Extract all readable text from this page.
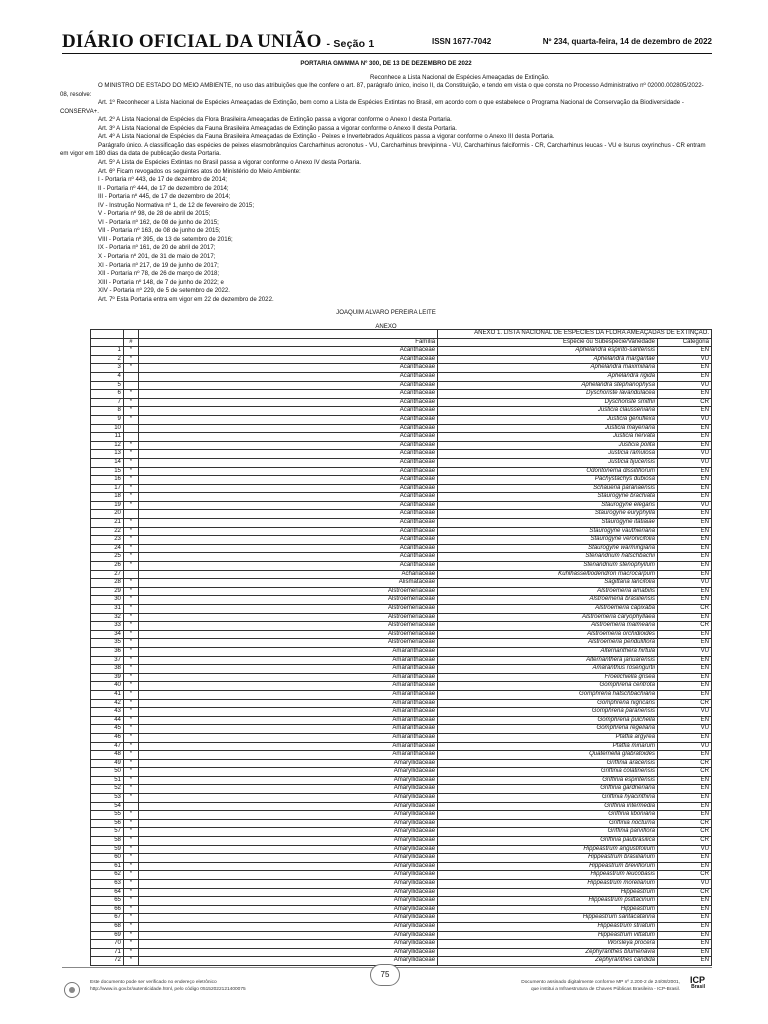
DIÁRIO OFICIAL DA UNIÃO - Seção 1	ISSN 1677-7042	Nº 234, quarta-feira, 14 de dezembro de 2022
PORTARIA GM/MMA Nº 300, DE 13 DE DEZEMBRO DE 2022
Reconhece a Lista Nacional de Espécies Ameaçadas de Extinção.
O MINISTRO DE ESTADO DO MEIO AMBIENTE, no uso das atribuições que lhe confere o art. 87, parágrafo único, inciso II, da Constituição, e tendo em vista o que consta no Processo Administrativo nº 02000.002805/2022-08, resolve:
Art. 1º Reconhecer a Lista Nacional de Espécies Ameaçadas de Extinção, bem como a Lista de Espécies Extintas no Brasil, em acordo com o que estabelece o Programa Nacional de Conservação da Biodiversidade - CONSERVA+.
Art. 2º A Lista Nacional de Espécies da Flora Brasileira Ameaçadas de Extinção passa a vigorar conforme o Anexo I desta Portaria.
Art. 3º A Lista Nacional de Espécies da Fauna Brasileira Ameaçadas de Extinção passa a vigorar conforme o Anexo II desta Portaria.
Art. 4º A Lista Nacional de Espécies da Fauna Brasileira Ameaçadas de Extinção - Peixes e Invertebrados Aquáticos passa a vigorar conforme o Anexo III desta Portaria.
Parágrafo único. A classificação das espécies de peixes elasmobrânquios Carcharhinus acronotus - VU, Carcharhinus brevipinna - VU, Carcharhinus falciformis - CR, Carcharhinus leucas - VU e Isurus oxyrinchus - CR entram em vigor em 180 dias da data de publicação desta Portaria.
Art. 5º A Lista de Espécies Extintas no Brasil passa a vigorar conforme o Anexo IV desta Portaria.
Art. 6º Ficam revogados os seguintes atos do Ministério do Meio Ambiente:
I - Portaria nº 443, de 17 de dezembro de 2014;
II - Portaria nº 444, de 17 de dezembro de 2014;
III - Portaria nº 445, de 17 de dezembro de 2014;
IV - Instrução Normativa nº 1, de 12 de fevereiro de 2015;
V - Portaria nº 98, de 28 de abril de 2015;
VI - Portaria nº 162, de 08 de junho de 2015;
VII - Portaria nº 163, de 08 de junho de 2015;
VIII - Portaria nº 395, de 13 de setembro de 2016;
IX - Portaria nº 161, de 20 de abril de 2017;
X - Portaria nº 201, de 31 de maio de 2017;
XI - Portaria nº 217, de 19 de junho de 2017;
XII - Portaria nº 78, de 26 de março de 2018;
XIII - Portaria nº 148, de 7 de junho de 2022; e
XIV - Portaria nº 229, de 5 de setembro de 2022.
Art. 7º Esta Portaria entra em vigor em 22 de dezembro de 2022.
JOAQUIM ALVARO PEREIRA LEITE
ANEXO
			ANEXO 1. LISTA NACIONAL DE ESPÉCIES DA FLORA AMEAÇADAS DE EXTINÇÃO.	
	#	Família	Espécie ou Subespécie/Variedade	Categoria
1	*	Acanthaceae	Aphelandra espirito-santensis	EN
2	*	Acanthaceae	Aphelandra margaritae	VU
3	*	Acanthaceae	Aphelandra maximiliana	EN
4		Acanthaceae	Aphelandra rigida	EN
5		Acanthaceae	Aphelandra stephanophysa	VU
6	*	Acanthaceae	Dyschoriste lavandulacea	EN
7	*	Acanthaceae	Dyschoriste smithii	CR
8	*	Acanthaceae	Justicia clausseniana	EN
9	*	Acanthaceae	Justicia genuflexa	VU
10		Acanthaceae	Justicia mayeriana	EN
11		Acanthaceae	Justicia nervata	EN
12	*	Acanthaceae	Justicia polita	EN
13	*	Acanthaceae	Justicia ramulosa	VU
14	*	Acanthaceae	Justicia tijucensis	VU
15	*	Acanthaceae	Odontonema dissitiflorum	EN
16	*	Acanthaceae	Pachystachys dubiosa	EN
17	*	Acanthaceae	Schaueria paranaensis	EN
18	*	Acanthaceae	Staurogyne brachiata	EN
19	*	Acanthaceae	Staurogyne elegans	VU
20		Acanthaceae	Staurogyne euryphylla	EN
21	*	Acanthaceae	Staurogyne itatiaiae	EN
22	*	Acanthaceae	Staurogyne vauthieriana	EN
23	*	Acanthaceae	Staurogyne veronicifolia	EN
24	*	Acanthaceae	Staurogyne warmingiana	EN
25	*	Acanthaceae	Stenandrium hatschbachii	EN
26	*	Acanthaceae	Stenandrium stenophyllum	EN
27		Achariaceae	Kuhlhasseltiodendron macrocarpum	EN
28	*	Alismataceae	Sagittaria lancifolia	VU
29	*	Alstroemeriaceae	Alstroemeria amabilis	EN
30	*	Alstroemeriaceae	Alstroemeria brasiliensis	EN
31	*	Alstroemeriaceae	Alstroemeria capixaba	CR
32	*	Alstroemeriaceae	Alstroemeria caryophyllaea	EN
33	*	Alstroemeriaceae	Alstroemeria malmeana	CR
34	*	Alstroemeriaceae	Alstroemeria orchidioides	EN
35	*	Alstroemeriaceae	Alstroemeria penduliflora	EN
36	*	Amaranthaceae	Alternanthera hirtula	VU
37	*	Amaranthaceae	Alternanthera januarensis	EN
38	*	Amaranthaceae	Amaranthus rosengurtii	EN
39	*	Amaranthaceae	Froelichiella grisea	EN
40	*	Amaranthaceae	Gomphrena centrota	EN
41	*	Amaranthaceae	Gomphrena hatschbachiana	EN
42	*	Amaranthaceae	Gomphrena nigricans	CR
43	*	Amaranthaceae	Gomphrena paranensis	VU
44	*	Amaranthaceae	Gomphrena pulchella	EN
45	*	Amaranthaceae	Gomphrena regeliana	VU
46	*	Amaranthaceae	Pfaffia argyrea	EN
47	*	Amaranthaceae	Pfaffia minarum	VU
48	*	Amaranthaceae	Quaternella glabratoides	EN
49	*	Amaryllidaceae	Griffinia aracensis	CR
50	*	Amaryllidaceae	Griffinia colatinensis	CR
51	*	Amaryllidaceae	Griffinia espiritensis	EN
52	*	Amaryllidaceae	Griffinia gardneriana	EN
53	*	Amaryllidaceae	Griffinia hyacinthina	EN
54		Amaryllidaceae	Griffinia intermedia	EN
55	*	Amaryllidaceae	Griffinia liboniana	EN
56	*	Amaryllidaceae	Griffinia nocturna	CR
57	*	Amaryllidaceae	Griffinia parviflora	CR
58	*	Amaryllidaceae	Griffinia paubrasilica	CR
59	*	Amaryllidaceae	Hippeastrum angustifolium	VU
60	*	Amaryllidaceae	Hippeastrum brasilianum	EN
61	*	Amaryllidaceae	Hippeastrum breviflorum	EN
62	*	Amaryllidaceae	Hippeastrum leucobasis	CR
63	*	Amaryllidaceae	Hippeastrum morelianum	VU
64	*	Amaryllidaceae	Hippeastrum	CR
65	*	Amaryllidaceae	Hippeastrum psittacinum	EN
66	*	Amaryllidaceae	Hippeastrum	EN
67	*	Amaryllidaceae	Hippeastrum santacatarina	EN
68	*	Amaryllidaceae	Hippeastrum striatum	EN
69	*	Amaryllidaceae	Hippeastrum vittatum	EN
70	*	Amaryllidaceae	Worsleya procera	EN
71	*	Amaryllidaceae	Zephyranthes blumenavia	EN
72	*	Amaryllidaceae	Zephyranthes candida	EN
Este documento pode ser verificado no endereço eletrônico
http://www.in.gov.br/autenticidade.html, pelo código 05152022121400075
75
Documento assinado digitalmente conforme MP nº 2.200-2 de 24/08/2001,
que institui a Infraestrutura de Chaves Públicas Brasileira - ICP-Brasil.
ICP
Brasil
